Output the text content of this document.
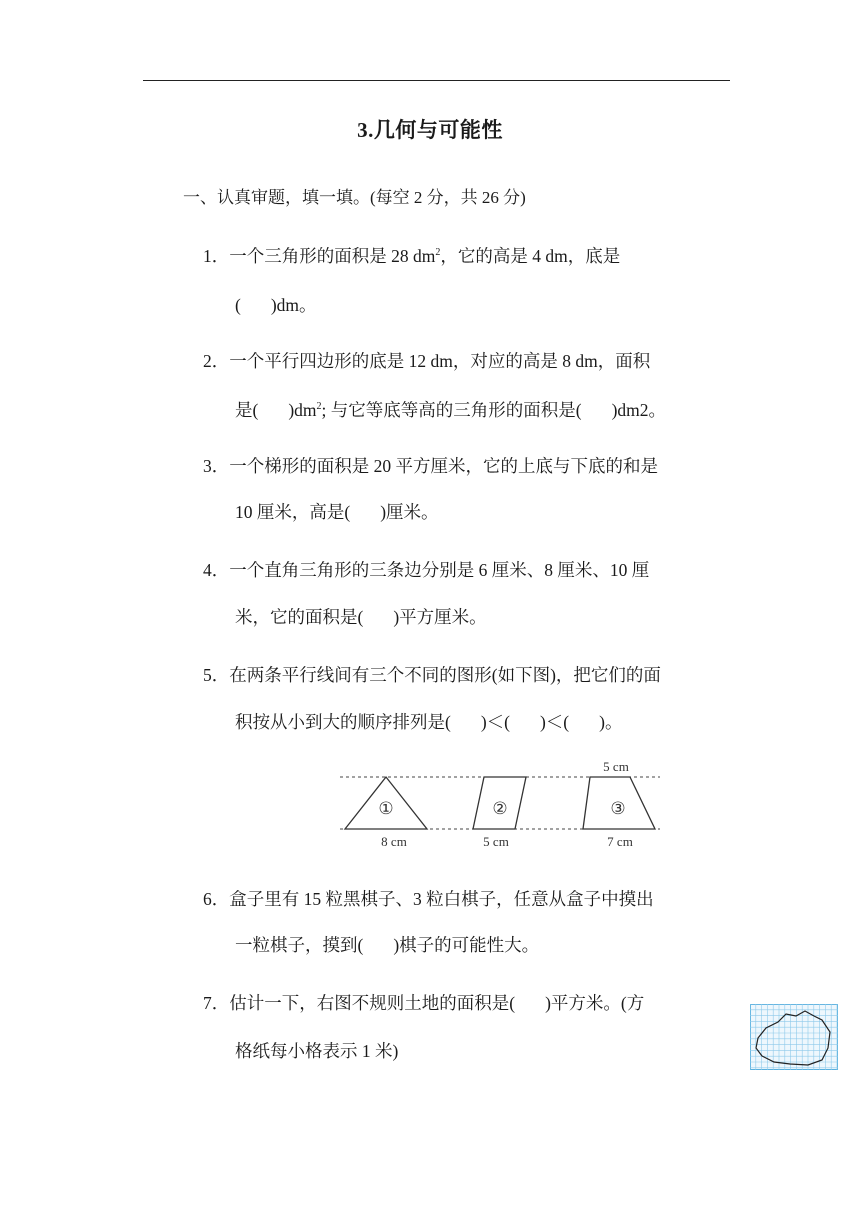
3.几何与可能性
一、认真审题，填一填。(每空 2 分，共 26 分)
1．一个三角形的面积是 28 $dm^2$，它的高是 4 dm，底是
( )dm。
2．一个平行四边形的底是 12 dm，对应的高是 8 dm，面积
是( )$dm^2$; 与它等底等高的三角形的面积是( )dm2。
3．一个梯形的面积是 20 平方厘米，它的上底与下底的和是
10 厘米，高是( )厘米。
4．一个直角三角形的三条边分别是 6 厘米、8 厘米、10 厘
米，它的面积是( )平方厘米。
5．在两条平行线间有三个不同的图形(如下图)，把它们的面
积按从小到大的顺序排列是( )＜( )＜( )。
①
8 cm
②
5 cm
③
5 cm
7 cm
6．盒子里有 15 粒黑棋子、3 粒白棋子，任意从盒子中摸出
一粒棋子，摸到( )棋子的可能性大。
7．估计一下，右图不规则土地的面积是( )平方米。(方
格纸每小格表示 1 米)
